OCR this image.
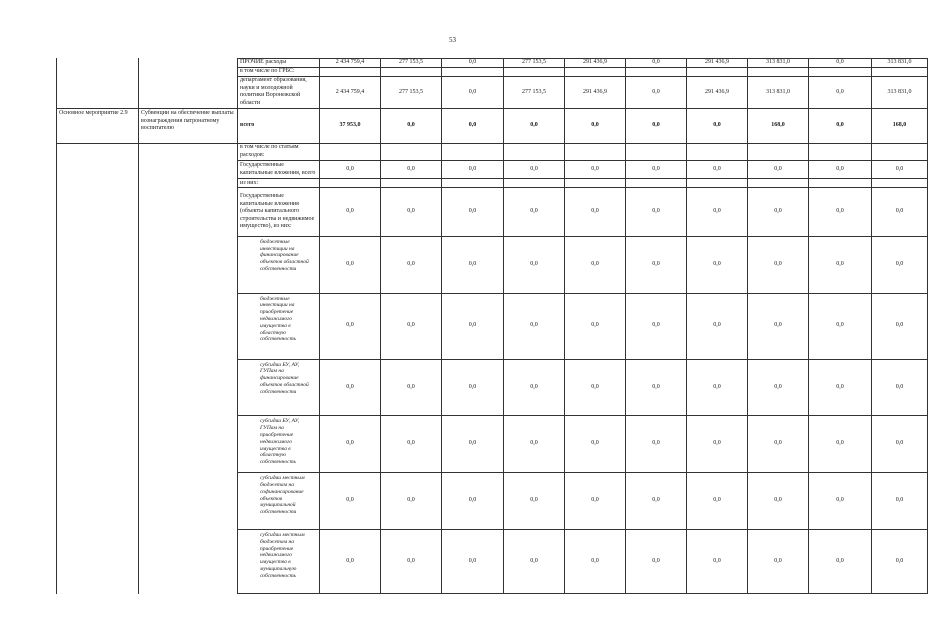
53

		ПРОЧИЕ расходы	2 434 759,4	277 153,5	0,0	277 153,5	291 436,9	0,0	291 436,9	313 831,0	0,0	313 831,0

		в том числе по ГРБС:										

		департамент образования, науки и молодежной политики Воронежской области	2 434 759,4	277 153,5	0,0	277 153,5	291 436,9	0,0	291 436,9	313 831,0	0,0	313 831,0
Основное мероприятие 2.9	Субвенции на обеспечение выплаты вознаграждения патронатному воспитателю	всего	37 953,0	0,0	0,0	0,0	0,0	0,0	0,0	168,0	0,0	168,0

		в том числе по статьям расходов:										

		Государственные капитальные вложения, всего	0,0	0,0	0,0	0,0	0,0	0,0	0,0	0,0	0,0	0,0

		из них:										

		Государственные капитальные вложения (объекты капитального строительства и недвижимое имущество), из них:	0,0	0,0	0,0	0,0	0,0	0,0	0,0	0,0	0,0	0,0

		бюджетные инвестиции на финансирование объектов областной собственности	0,0	0,0	0,0	0,0	0,0	0,0	0,0	0,0	0,0	0,0

		бюджетные инвестиции на приобретение недвижимого имущества в областную собственность	0,0	0,0	0,0	0,0	0,0	0,0	0,0	0,0	0,0	0,0

		субсидии БУ, АУ, ГУПам на финансирование объектов областной собственности	0,0	0,0	0,0	0,0	0,0	0,0	0,0	0,0	0,0	0,0

		субсидии БУ, АУ, ГУПам на приобретение недвижимого имущества в областную собственность	0,0	0,0	0,0	0,0	0,0	0,0	0,0	0,0	0,0	0,0

		субсидии местным бюджетам на софинансирование объектов муниципальной собственности	0,0	0,0	0,0	0,0	0,0	0,0	0,0	0,0	0,0	0,0

		субсидии местным бюджетам на приобретение недвижимого имущества в муниципальную собственность	0,0	0,0	0,0	0,0	0,0	0,0	0,0	0,0	0,0	0,0
